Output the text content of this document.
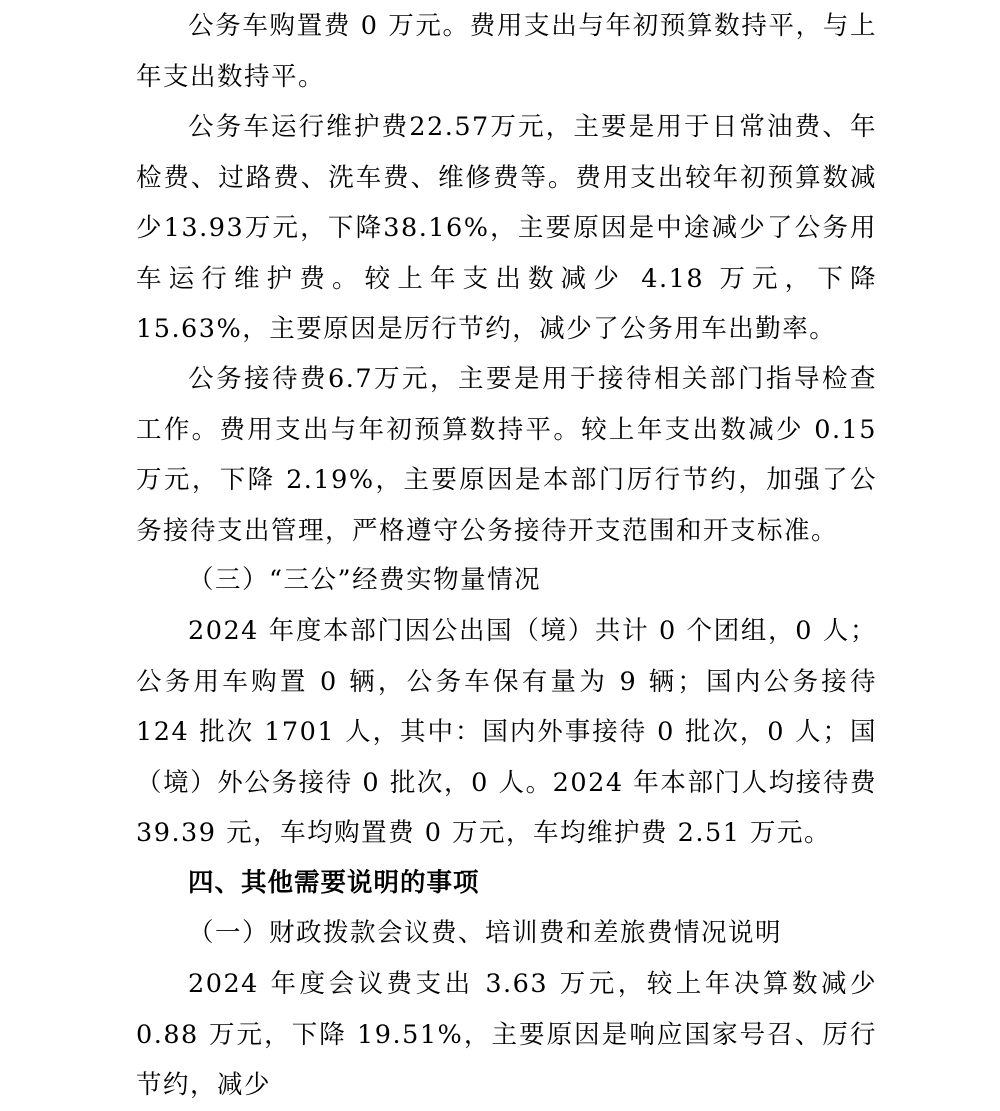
公务车购置费 0 万元。费用支出与年初预算数持平，与上年支出数持平。

公务车运行维护费22.57万元，主要是用于日常油费、年检费、过路费、洗车费、维修费等。费用支出较年初预算数减少13.93万元，下降38.16%，主要原因是中途减少了公务用车运行维护费。较上年支出数减少 4.18 万元，下降 15.63%，主要原因是厉行节约，减少了公务用车出勤率。

公务接待费6.7万元，主要是用于接待相关部门指导检查工作。费用支出与年初预算数持平。较上年支出数减少 0.15 万元，下降 2.19%，主要原因是本部门厉行节约，加强了公务接待支出管理，严格遵守公务接待开支范围和开支标准。

（三）“三公”经费实物量情况

2024 年度本部门因公出国（境）共计 0 个团组，0 人；公务用车购置 0 辆，公务车保有量为 9 辆；国内公务接待 124 批次 1701 人，其中：国内外事接待 0 批次，0 人；国（境）外公务接待 0 批次，0 人。2024 年本部门人均接待费 39.39 元，车均购置费 0 万元，车均维护费 2.51 万元。

四、其他需要说明的事项

（一）财政拨款会议费、培训费和差旅费情况说明

2024 年度会议费支出 3.63 万元，较上年决算数减少 0.88 万元，下降 19.51%，主要原因是响应国家号召、厉行节约，减少
